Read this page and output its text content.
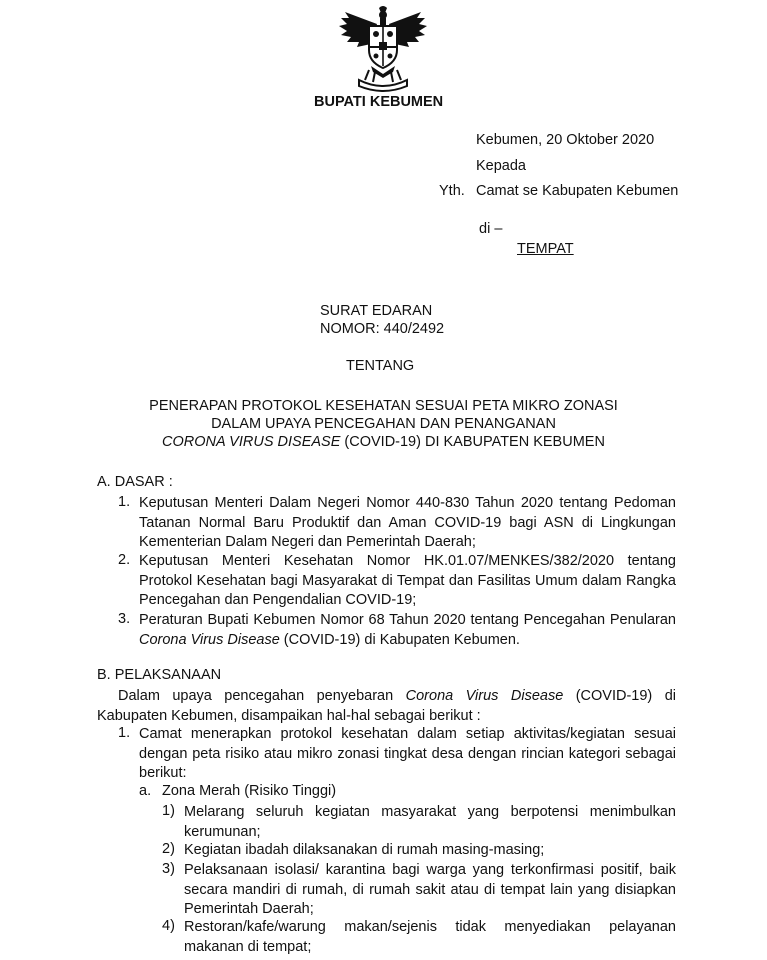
BUPATI KEBUMEN
Kebumen, 20 Oktober 2020
Kepada
Yth. Camat se Kabupaten Kebumen
di –
TEMPAT
SURAT EDARAN
NOMOR: 440/2492
TENTANG
PENERAPAN PROTOKOL KESEHATAN SESUAI PETA MIKRO ZONASI
DALAM UPAYA PENCEGAHAN DAN PENANGANAN
CORONA VIRUS DISEASE (COVID-19) DI KABUPATEN KEBUMEN
A. DASAR :
1. Keputusan Menteri Dalam Negeri Nomor 440-830 Tahun 2020 tentang Pedoman Tatanan Normal Baru Produktif dan Aman COVID-19 bagi ASN di Lingkungan Kementerian Dalam Negeri dan Pemerintah Daerah;
2. Keputusan Menteri Kesehatan Nomor HK.01.07/MENKES/382/2020 tentang Protokol Kesehatan bagi Masyarakat di Tempat dan Fasilitas Umum dalam Rangka Pencegahan dan Pengendalian COVID-19;
3. Peraturan Bupati Kebumen Nomor 68 Tahun 2020 tentang Pencegahan Penularan Corona Virus Disease (COVID-19) di Kabupaten Kebumen.
B. PELAKSANAAN
Dalam upaya pencegahan penyebaran Corona Virus Disease (COVID-19) di Kabupaten Kebumen, disampaikan hal-hal sebagai berikut :
1. Camat menerapkan protokol kesehatan dalam setiap aktivitas/kegiatan sesuai dengan peta risiko atau mikro zonasi tingkat desa dengan rincian kategori sebagai berikut:
a. Zona Merah (Risiko Tinggi)
1) Melarang seluruh kegiatan masyarakat yang berpotensi menimbulkan kerumunan;
2) Kegiatan ibadah dilaksanakan di rumah masing-masing;
3) Pelaksanaan isolasi/ karantina bagi warga yang terkonfirmasi positif, baik secara mandiri di rumah, di rumah sakit atau di tempat lain yang disiapkan Pemerintah Daerah;
4) Restoran/kafe/warung makan/sejenis tidak menyediakan pelayanan makanan di tempat;
